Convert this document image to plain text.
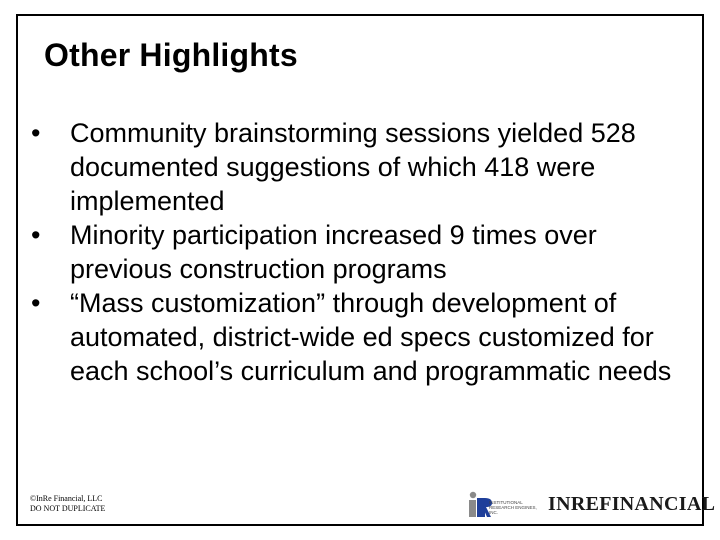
Other Highlights
• Community brainstorming sessions yielded 528 documented suggestions of which 418 were implemented
• Minority participation increased 9 times over previous construction programs
• “Mass customization” through development of automated, district-wide ed specs customized for each school’s curriculum and programmatic needs
©InRe Financial, LLC
DO NOT DUPLICATE
INSTITUTIONAL RESEARCH ENGINES, INC.	INREFINANCIAL
